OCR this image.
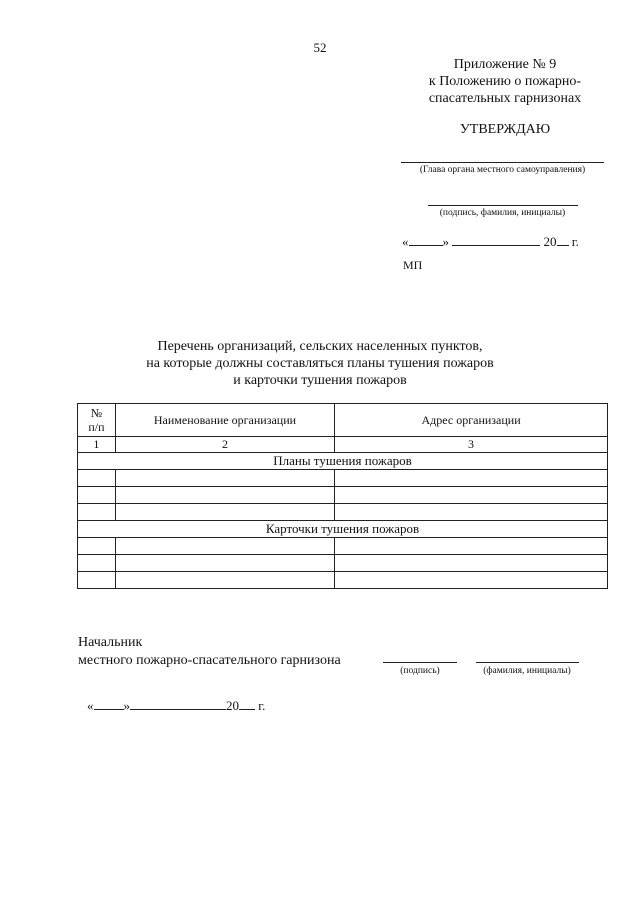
52
Приложение № 9
к Положению о пожарно-
спасательных гарнизонах
УТВЕРЖДАЮ
(Глава органа местного самоуправления)
(подпись, фамилия, инициалы)
«	»	20 г.
МП
Перечень организаций, сельских населенных пунктов,
на которые должны составляться планы тушения пожаров
и карточки тушения пожаров
№
п/п	Наименование организации	Адрес организации
1	2	3
Планы тушения пожаров		

Карточки тушения пожаров		

Начальник
местного пожарно-спасательного гарнизона
(подпись)	(фамилия, инициалы)
« »	20 г.
